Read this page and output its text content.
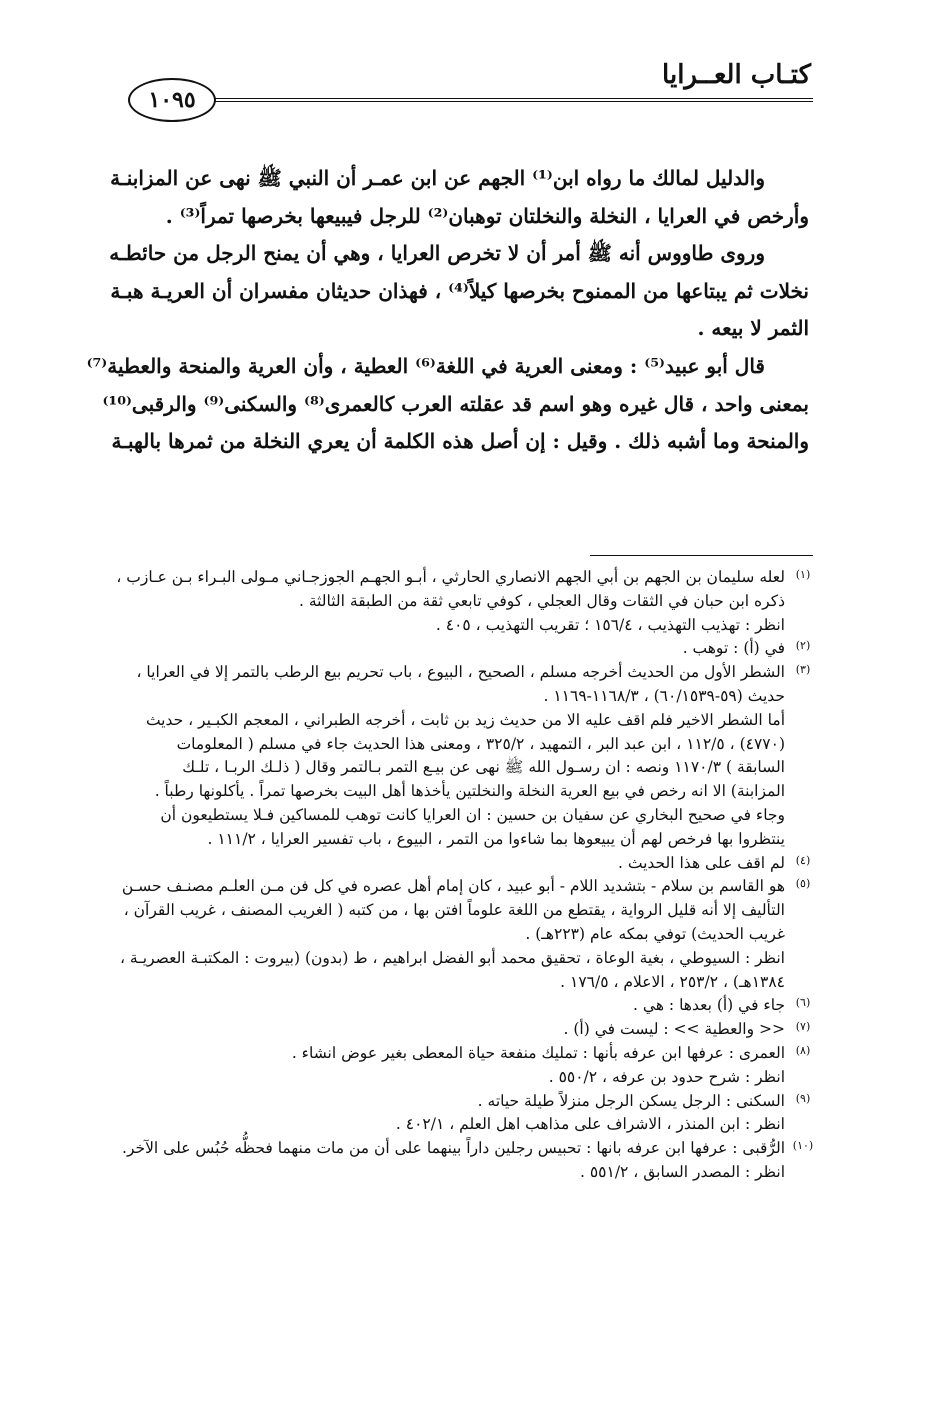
كتـاب العــرايا
١٠٩٥
والدليل لمالك ما رواه ابن⁽¹⁾ الجهم عن ابن عمـر أن النبي ﷺ نهى عن المزابنـة
وأرخص في العرايا ، النخلة والنخلتان توهبان⁽²⁾ للرجل فيبيعها بخرصها تمراً⁽³⁾ .
وروى طاووس أنه ﷺ أمر أن لا تخرص العرايا ، وهي أن يمنح الرجل من حائطـه
نخلات ثم يبتاعها من الممنوح بخرصها كيلاً⁽⁴⁾ ، فهذان حديثان مفسران أن العريـة هبـة
الثمر لا بيعه .
قال أبو عبيد⁽⁵⁾ : ومعنى العرية في اللغة⁽⁶⁾ العطية ، وأن العرية والمنحة والعطية⁽⁷⁾
بمعنى واحد ، قال غيره وهو اسم قد عقلته العرب كالعمرى⁽⁸⁾ والسكنى⁽⁹⁾ والرقبى⁽¹⁰⁾
والمنحة وما أشبه ذلك . وقيل : إن أصل هذه الكلمة أن يعري النخلة من ثمرها بالهبـة
(١)
لعله سليمان بن الجهم بن أبي الجهم الانصاري الحارثي ، أبـو الجهـم الجوزجـاني مـولى البـراء بـن عـازب ،
ذكره ابن حبان في الثقات وقال العجلي ، كوفي تابعي ثقة من الطبقة الثالثة .
انظر : تهذيب التهذيب ، ١٥٦/٤ ؛ تقريب التهذيب ، ٤٠٥ .
(٢)
في (أ) : توهب .
(٣)
الشطر الأول من الحديث أخرجه مسلم ، الصحيح ، البيوع ، باب تحريم بيع الرطب بالتمر إلا في العرايا ،
حديث (٥٩-٦٠/١٥٣٩) ، ١١٦٨/٣-١١٦٩ .
أما الشطر الاخير فلم اقف عليه الا من حديث زيد بن ثابت ، أخرجه الطبراني ، المعجم الكبـير ، حديث
(٤٧٧٠) ، ١١٢/٥ ، ابن عبد البر ، التمهيد ، ٣٢٥/٢ ، ومعنى هذا الحديث جاء في مسلم ( المعلومات
السابقة ) ١١٧٠/٣ ونصه : ان رسـول الله ﷺ نهى عن بيـع التمر بـالتمر وقال ( ذلـك الربـا ، تلـك
المزابنة) الا انه رخص في بيع العرية النخلة والنخلتين يأخذها أهل البيت بخرصها تمراً . يأكلونها رطباً .
وجاء في صحيح البخاري عن سفيان بن حسين : ان العرايا كانت توهب للمساكين فـلا يستطيعون أن
ينتظروا بها فرخص لهم أن يبيعوها بما شاءوا من التمر ، البيوع ، باب تفسير العرايا ، ١١١/٢ .
(٤)
لم اقف على هذا الحديث .
(٥)
هو القاسم بن سلام - بتشديد اللام - أبو عبيد ، كان إمام أهل عصره في كل فن مـن العلـم مصنـف حسـن
التأليف إلا أنه قليل الرواية ، يقتطع من اللغة علوماً افتن بها ، من كتبه ( الغريب المصنف ، غريب القرآن ،
غريب الحديث) توفي بمكه عام (٢٢٣هـ) .
انظر : السيوطي ، بغية الوعاة ، تحقيق محمد أبو الفضل ابراهيم ، ط (بدون) (بيروت : المكتبـة العصريـة ،
١٣٨٤هـ) ، ٢٥٣/٢ ، الاعلام ، ١٧٦/٥ .
(٦)
جاء في (أ) بعدها : هي .
(٧)
<< والعطية >> : ليست في (أ) .
(٨)
العمرى : عرفها ابن عرفه بأنها : تمليك منفعة حياة المعطى بغير عوض انشاء .
انظر : شرح حدود بن عرفه ، ٥٥٠/٢ .
(٩)
السكنى : الرجل يسكن الرجل منزلاً طيلة حياته .
انظر : ابن المنذر ، الاشراف على مذاهب اهل العلم ، ٤٠٢/١ .
(١٠)
الرُّقبى : عرفها ابن عرفه بانها : تحبيس رجلين داراً بينهما على أن من مات منهما فحظُّه حُبُس على الآخر.
انظر : المصدر السابق ، ٥٥١/٢ .
